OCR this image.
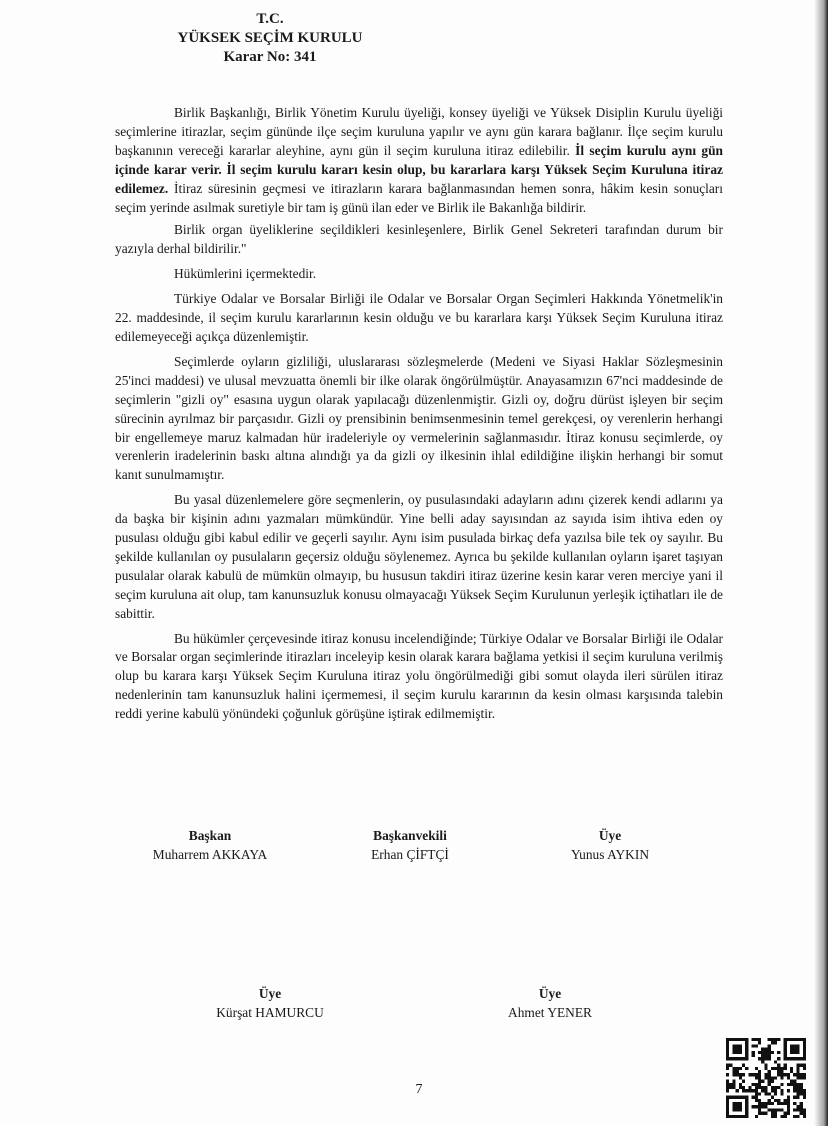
T.C.
YÜKSEK SEÇİM KURULU
Karar No: 341

Birlik Başkanlığı, Birlik Yönetim Kurulu üyeliği, konsey üyeliği ve Yüksek Disiplin Kurulu üyeliği seçimlerine itirazlar, seçim gününde ilçe seçim kuruluna yapılır ve aynı gün karara bağlanır. İlçe seçim kurulu başkanının vereceği kararlar aleyhine, aynı gün il seçim kuruluna itiraz edilebilir. İl seçim kurulu aynı gün içinde karar verir. İl seçim kurulu kararı kesin olup, bu kararlara karşı Yüksek Seçim Kuruluna itiraz edilemez. İtiraz süresinin geçmesi ve itirazların karara bağlanmasından hemen sonra, hâkim kesin sonuçları seçim yerinde asılmak suretiyle bir tam iş günü ilan eder ve Birlik ile Bakanlığa bildirir.

Birlik organ üyeliklerine seçildikleri kesinleşenlere, Birlik Genel Sekreteri tarafından durum bir yazıyla derhal bildirilir."

Hükümlerini içermektedir.

Türkiye Odalar ve Borsalar Birliği ile Odalar ve Borsalar Organ Seçimleri Hakkında Yönetmelik'in 22. maddesinde, il seçim kurulu kararlarının kesin olduğu ve bu kararlara karşı Yüksek Seçim Kuruluna itiraz edilemeyeceği açıkça düzenlemiştir.

Seçimlerde oyların gizliliği, uluslararası sözleşmelerde (Medeni ve Siyasi Haklar Sözleşmesinin 25'inci maddesi) ve ulusal mevzuatta önemli bir ilke olarak öngörülmüştür. Anayasamızın 67'nci maddesinde de seçimlerin "gizli oy" esasına uygun olarak yapılacağı düzenlenmiştir. Gizli oy, doğru dürüst işleyen bir seçim sürecinin ayrılmaz bir parçasıdır. Gizli oy prensibinin benimsenmesinin temel gerekçesi, oy verenlerin herhangi bir engellemeye maruz kalmadan hür iradeleriyle oy vermelerinin sağlanmasıdır. İtiraz konusu seçimlerde, oy verenlerin iradelerinin baskı altına alındığı ya da gizli oy ilkesinin ihlal edildiğine ilişkin herhangi bir somut kanıt sunulmamıştır.

Bu yasal düzenlemelere göre seçmenlerin, oy pusulasındaki adayların adını çizerek kendi adlarını ya da başka bir kişinin adını yazmaları mümkündür. Yine belli aday sayısından az sayıda isim ihtiva eden oy pusulası olduğu gibi kabul edilir ve geçerli sayılır. Aynı isim pusulada birkaç defa yazılsa bile tek oy sayılır. Bu şekilde kullanılan oy pusulaların geçersiz olduğu söylenemez. Ayrıca bu şekilde kullanılan oyların işaret taşıyan pusulalar olarak kabulü de mümkün olmayıp, bu hususun takdiri itiraz üzerine kesin karar veren merciye yani il seçim kuruluna ait olup, tam kanunsuzluk konusu olmayacağı Yüksek Seçim Kurulunun yerleşik içtihatları ile de sabittir.

Bu hükümler çerçevesinde itiraz konusu incelendiğinde; Türkiye Odalar ve Borsalar Birliği ile Odalar ve Borsalar organ seçimlerinde itirazları inceleyip kesin olarak karara bağlama yetkisi il seçim kuruluna verilmiş olup bu karara karşı Yüksek Seçim Kuruluna itiraz yolu öngörülmediği gibi somut olayda ileri sürülen itiraz nedenlerinin tam kanunsuzluk halini içermemesi, il seçim kurulu kararının da kesin olması karşısında talebin reddi yerine kabulü yönündeki çoğunluk görüşüne iştirak edilmemiştir.

Başkan
Muharrem AKKAYA
Başkanvekili
Erhan ÇİFTÇİ
Üye
Yunus AYKIN
Üye
Kürşat HAMURCU
Üye
Ahmet YENER
7
